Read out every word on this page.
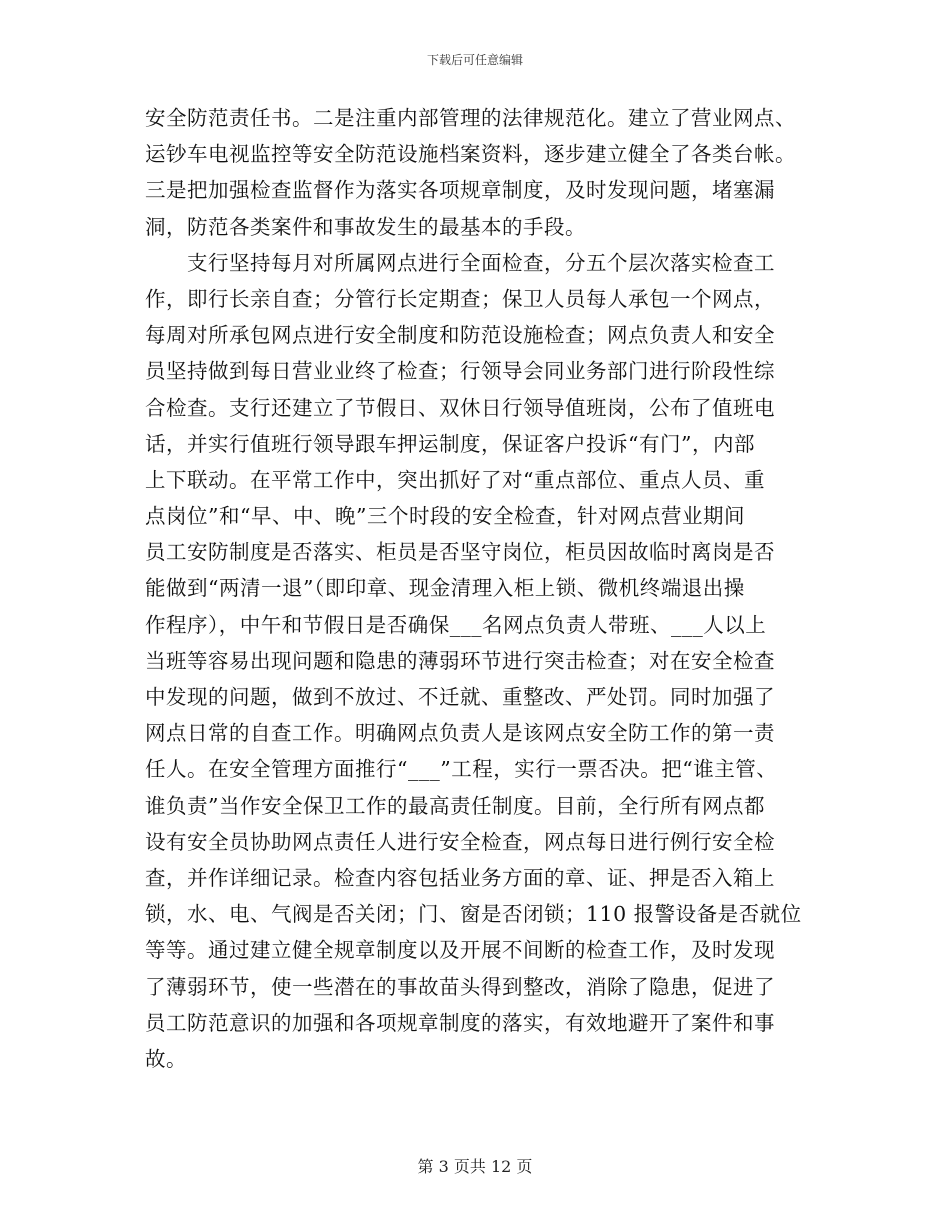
下载后可任意编辑
安全防范责任书。二是注重内部管理的法律规范化。建立了营业网点、
运钞车电视监控等安全防范设施档案资料，逐步建立健全了各类台帐。
三是把加强检查监督作为落实各项规章制度，及时发现问题，堵塞漏
洞，防范各类案件和事故发生的最基本的手段。
　　支行坚持每月对所属网点进行全面检查，分五个层次落实检查工
作，即行长亲自查；分管行长定期查；保卫人员每人承包一个网点，
每周对所承包网点进行安全制度和防范设施检查；网点负责人和安全
员坚持做到每日营业业终了检查；行领导会同业务部门进行阶段性综
合检查。支行还建立了节假日、双休日行领导值班岗，公布了值班电
话，并实行值班行领导跟车押运制度，保证客户投诉“有门”，内部
上下联动。在平常工作中，突出抓好了对“重点部位、重点人员、重
点岗位”和“早、中、晚”三个时段的安全检查，针对网点营业期间
员工安防制度是否落实、柜员是否坚守岗位，柜员因故临时离岗是否
能做到“两清一退”（即印章、现金清理入柜上锁、微机终端退出操
作程序），中午和节假日是否确保___名网点负责人带班、___人以上
当班等容易出现问题和隐患的薄弱环节进行突击检查；对在安全检查
中发现的问题，做到不放过、不迁就、重整改、严处罚。同时加强了
网点日常的自查工作。明确网点负责人是该网点安全防工作的第一责
任人。在安全管理方面推行“___”工程，实行一票否决。把“谁主管、
谁负责”当作安全保卫工作的最高责任制度。目前，全行所有网点都
设有安全员协助网点责任人进行安全检查，网点每日进行例行安全检
查，并作详细记录。检查内容包括业务方面的章、证、押是否入箱上
锁，水、电、气阀是否关闭；门、窗是否闭锁；110 报警设备是否就位
等等。通过建立健全规章制度以及开展不间断的检查工作，及时发现
了薄弱环节，使一些潜在的事故苗头得到整改，消除了隐患，促进了
员工防范意识的加强和各项规章制度的落实，有效地避开了案件和事
故。
第 3 页共 12 页
